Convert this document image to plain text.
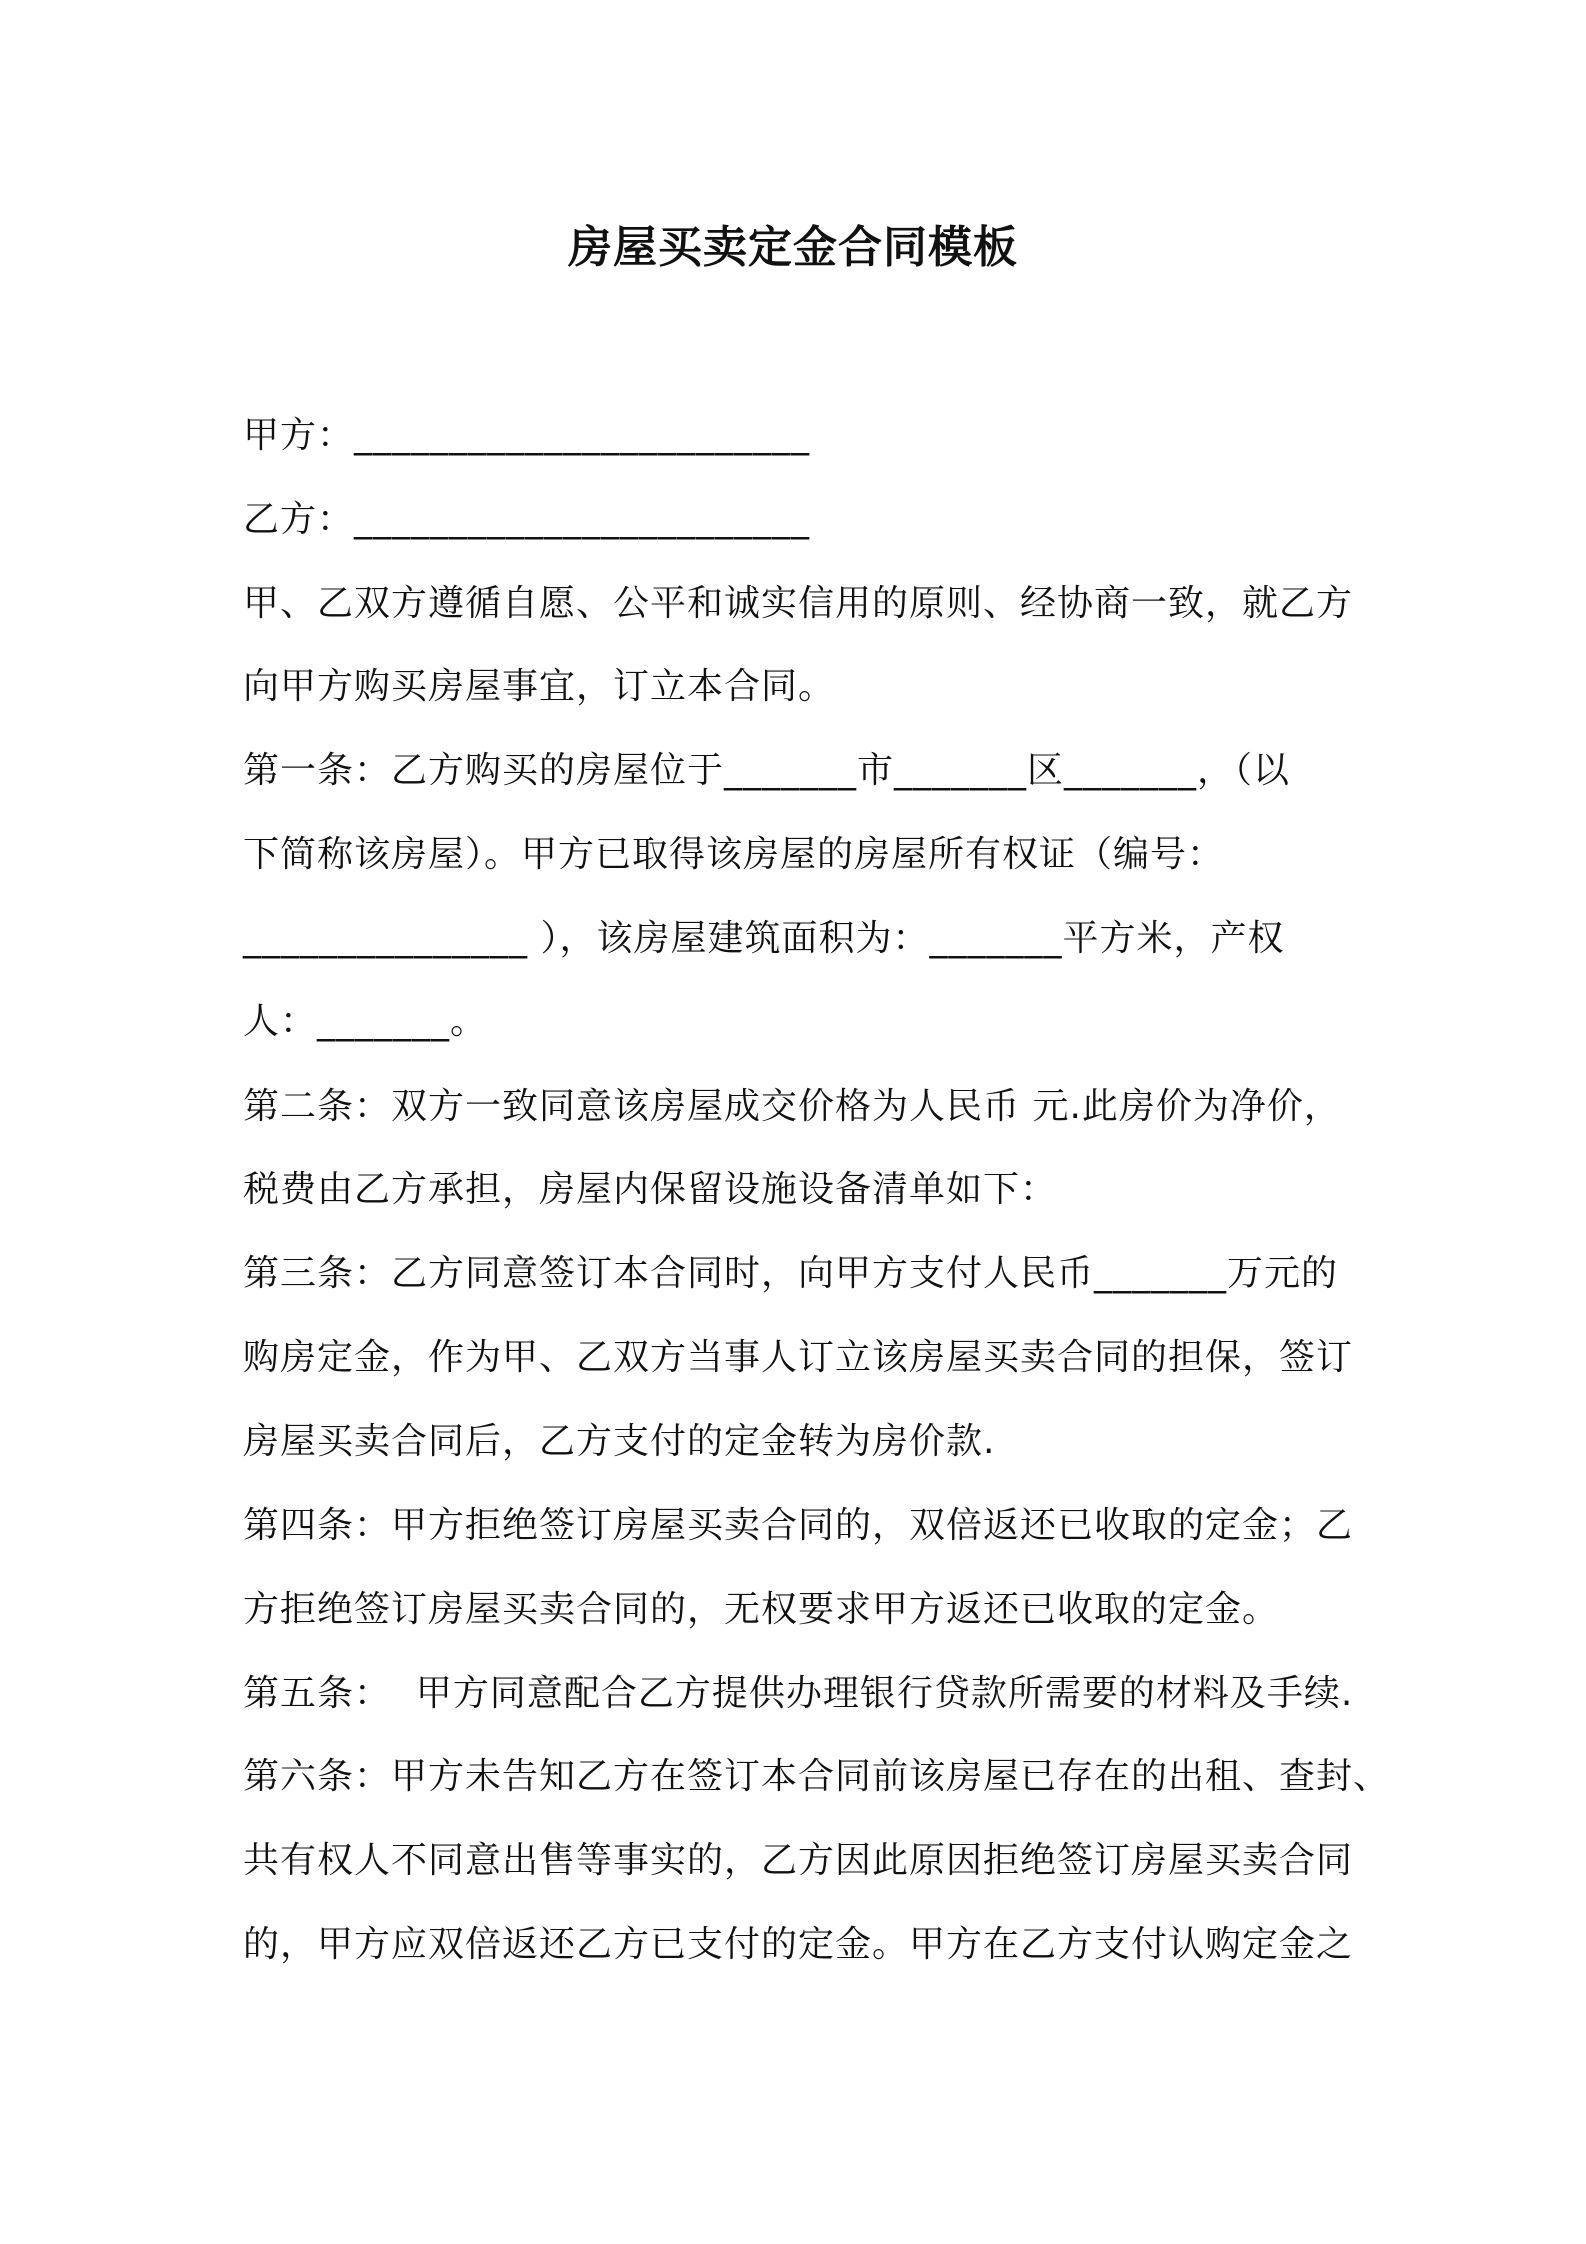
房屋买卖定金合同模板
甲方：________________________
乙方：________________________
甲、乙双方遵循自愿、公平和诚实信用的原则、经协商一致，就乙方
向甲方购买房屋事宜，订立本合同。
第一条：乙方购买的房屋位于_______市_______区_______，（以
下简称该房屋）。甲方已取得该房屋的房屋所有权证（编号：
_______________ ），该房屋建筑面积为：_______平方米，产权
人：_______。
第二条：双方一致同意该房屋成交价格为人民币 元.此房价为净价，
税费由乙方承担，房屋内保留设施设备清单如下：
第三条：乙方同意签订本合同时，向甲方支付人民币_______万元的
购房定金，作为甲、乙双方当事人订立该房屋买卖合同的担保，签订
房屋买卖合同后，乙方支付的定金转为房价款.
第四条：甲方拒绝签订房屋买卖合同的，双倍返还已收取的定金；乙
方拒绝签订房屋买卖合同的，无权要求甲方返还已收取的定金。
第五条：  甲方同意配合乙方提供办理银行贷款所需要的材料及手续.
第六条：甲方未告知乙方在签订本合同前该房屋已存在的出租、查封、
共有权人不同意出售等事实的，乙方因此原因拒绝签订房屋买卖合同
的，甲方应双倍返还乙方已支付的定金。甲方在乙方支付认购定金之
